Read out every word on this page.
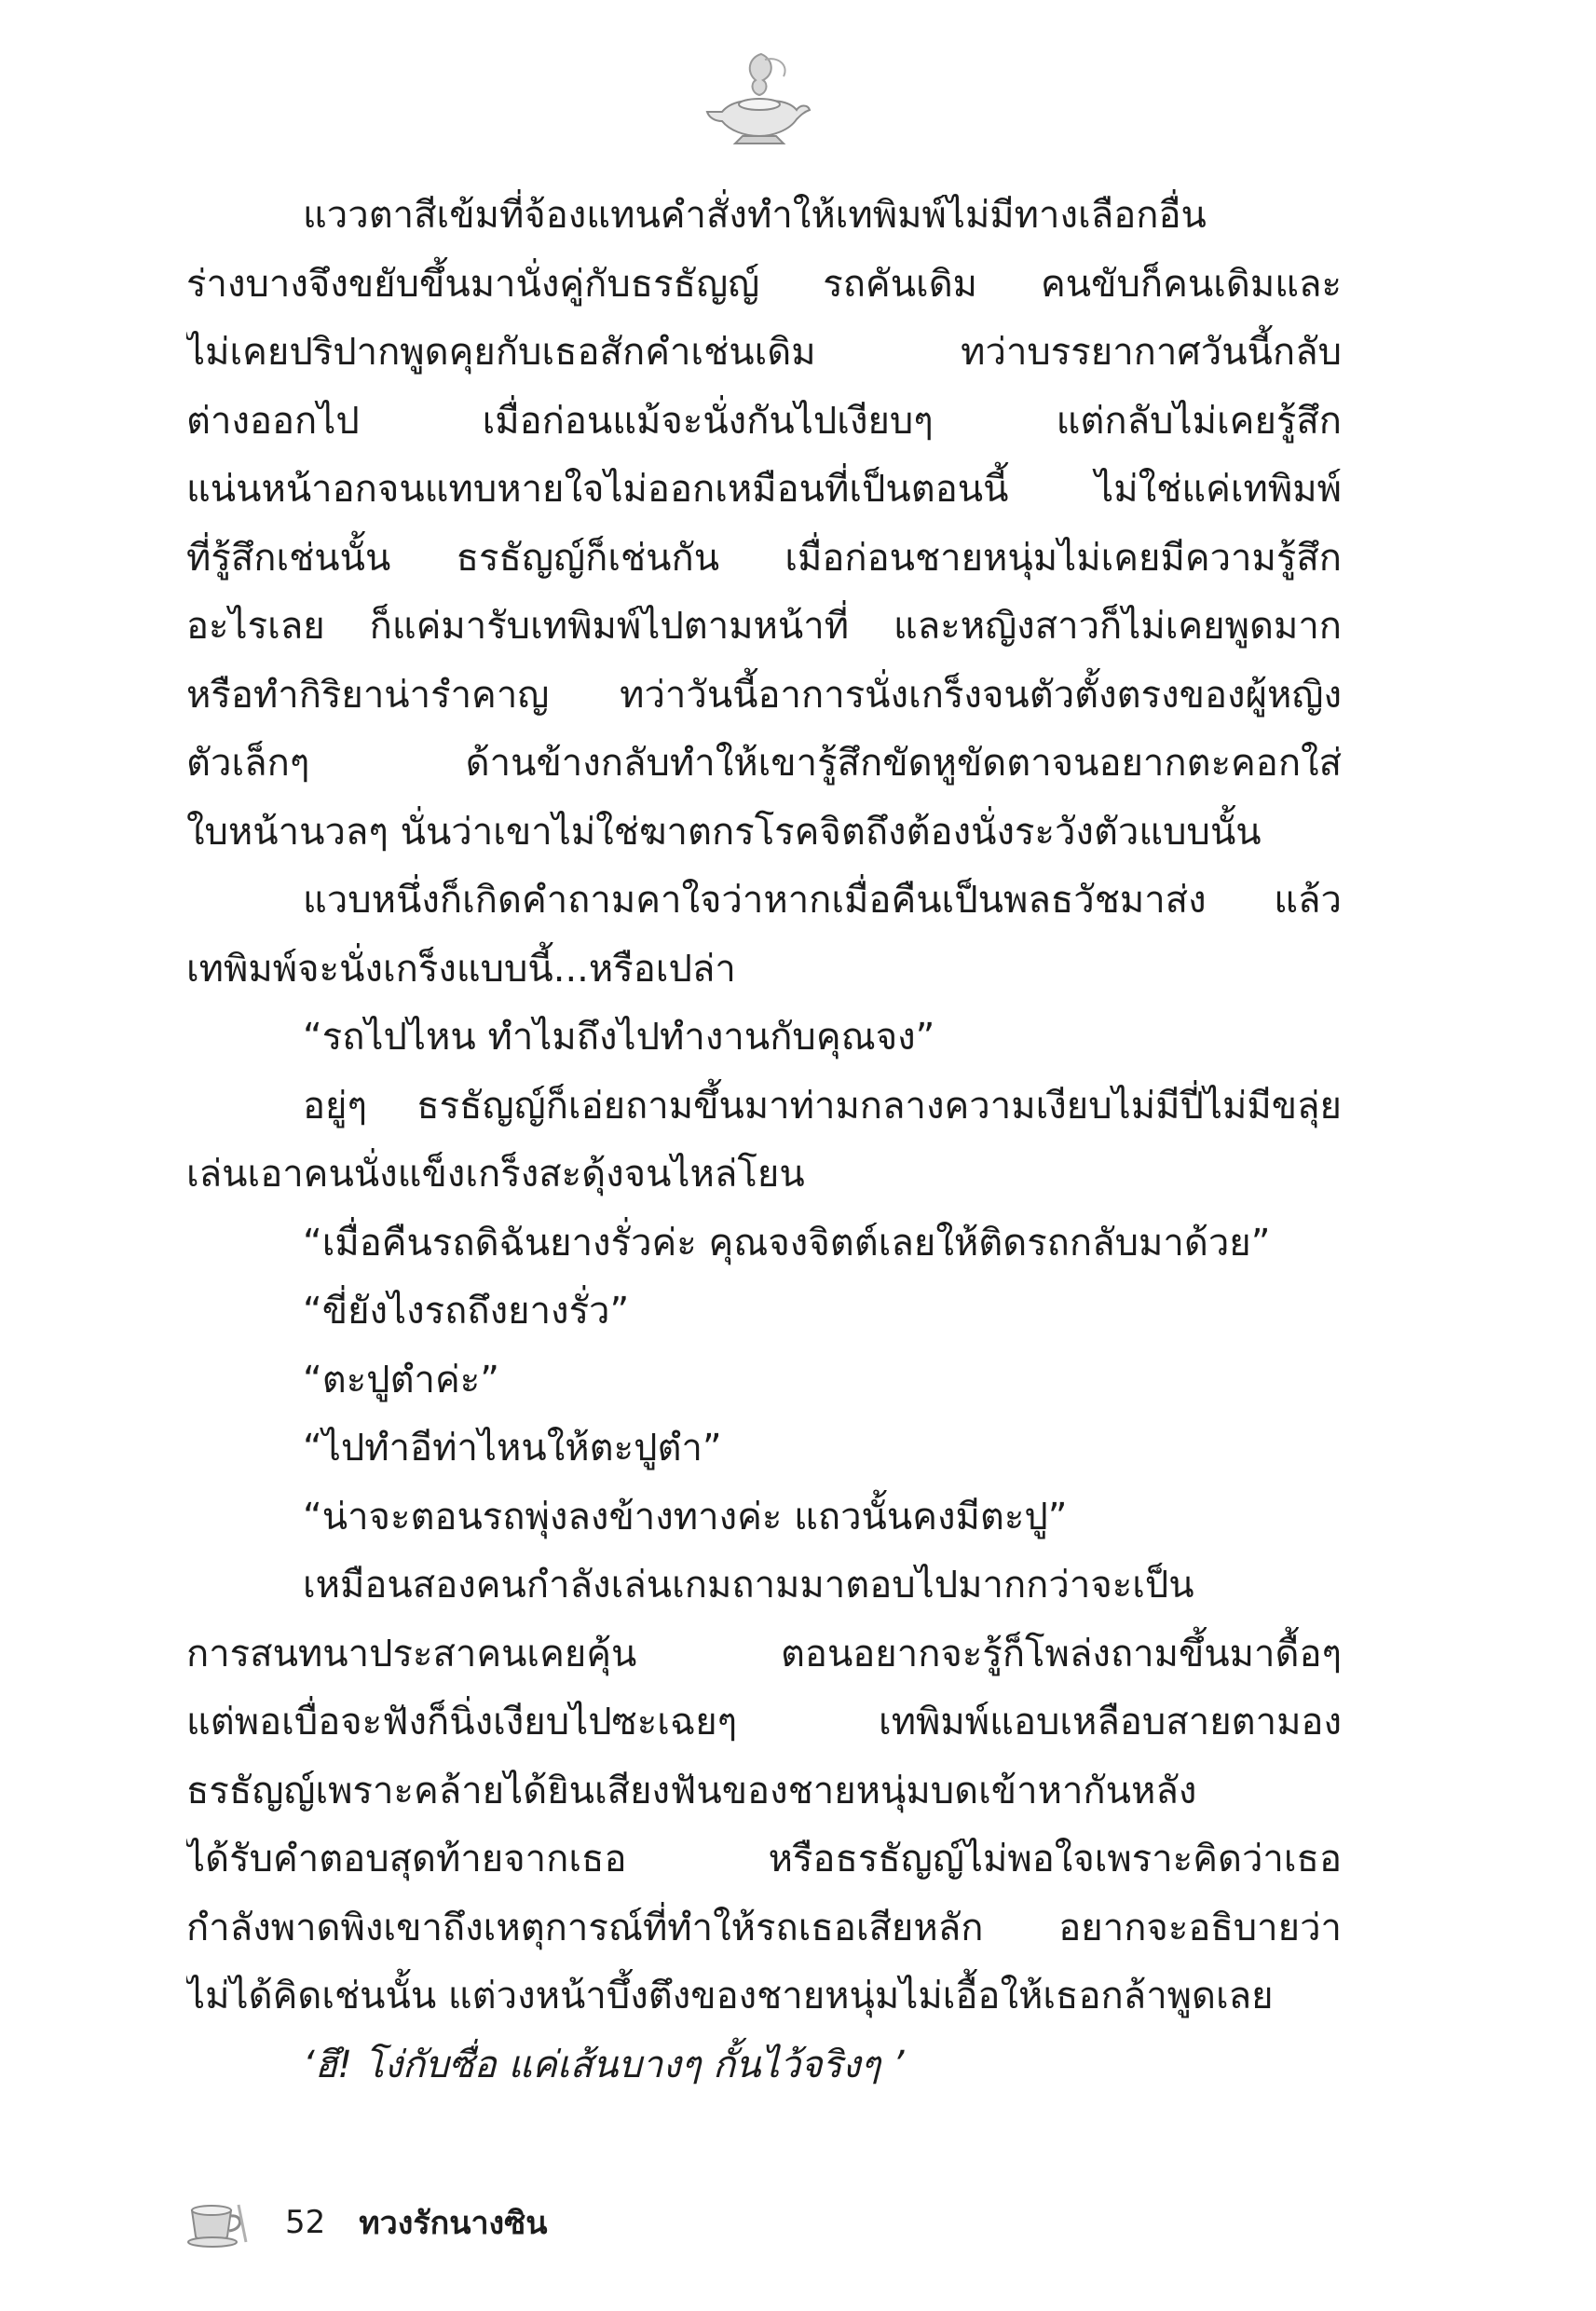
แววตาสีเข้มที่จ้องแทนคำสั่งทำให้เทพิมพ์ไม่มีทางเลือกอื่น
ร่างบางจึงขยับขึ้นมานั่งคู่กับธรธัญญ์ รถคันเดิม คนขับก็คนเดิมและ
ไม่เคยปริปากพูดคุยกับเธอสักคำเช่นเดิม ทว่าบรรยากาศวันนี้กลับ
ต่างออกไป เมื่อก่อนแม้จะนั่งกันไปเงียบๆ แต่กลับไม่เคยรู้สึก
แน่นหน้าอกจนแทบหายใจไม่ออกเหมือนที่เป็นตอนนี้ ไม่ใช่แค่เทพิมพ์
ที่รู้สึกเช่นนั้น ธรธัญญ์ก็เช่นกัน เมื่อก่อนชายหนุ่มไม่เคยมีความรู้สึก
อะไรเลย ก็แค่มารับเทพิมพ์ไปตามหน้าที่ และหญิงสาวก็ไม่เคยพูดมาก
หรือทำกิริยาน่ารำคาญ ทว่าวันนี้อาการนั่งเกร็งจนตัวตั้งตรงของผู้หญิง
ตัวเล็กๆ ด้านข้างกลับทำให้เขารู้สึกขัดหูขัดตาจนอยากตะคอกใส่
ใบหน้านวลๆ นั่นว่าเขาไม่ใช่ฆาตกรโรคจิตถึงต้องนั่งระวังตัวแบบนั้น
แวบหนึ่งก็เกิดคำถามคาใจว่าหากเมื่อคืนเป็นพลธวัชมาส่ง แล้ว
เทพิมพ์จะนั่งเกร็งแบบนี้...หรือเปล่า
“รถไปไหน ทำไมถึงไปทำงานกับคุณจง”
อยู่ๆ ธรธัญญ์ก็เอ่ยถามขึ้นมาท่ามกลางความเงียบไม่มีปี่ไม่มีขลุ่ย
เล่นเอาคนนั่งแข็งเกร็งสะดุ้งจนไหล่โยน
“เมื่อคืนรถดิฉันยางรั่วค่ะ คุณจงจิตต์เลยให้ติดรถกลับมาด้วย”
“ขี่ยังไงรถถึงยางรั่ว”
“ตะปูตำค่ะ”
“ไปทำอีท่าไหนให้ตะปูตำ”
“น่าจะตอนรถพุ่งลงข้างทางค่ะ แถวนั้นคงมีตะปู”
เหมือนสองคนกำลังเล่นเกมถามมาตอบไปมากกว่าจะเป็น
การสนทนาประสาคนเคยคุ้น ตอนอยากจะรู้ก็โพล่งถามขึ้นมาดื้อๆ
แต่พอเบื่อจะฟังก็นิ่งเงียบไปซะเฉยๆ เทพิมพ์แอบเหลือบสายตามอง
ธรธัญญ์เพราะคล้ายได้ยินเสียงฟันของชายหนุ่มบดเข้าหากันหลัง
ได้รับคำตอบสุดท้ายจากเธอ หรือธรธัญญ์ไม่พอใจเพราะคิดว่าเธอ
กำลังพาดพิงเขาถึงเหตุการณ์ที่ทำให้รถเธอเสียหลัก อยากจะอธิบายว่า
ไม่ได้คิดเช่นนั้น แต่วงหน้าบึ้งตึงของชายหนุ่มไม่เอื้อให้เธอกล้าพูดเลย
‘ฮึ! โง่กับซื่อ แค่เส้นบางๆ กั้นไว้จริงๆ ’
52 ทวงรักนางซิน
